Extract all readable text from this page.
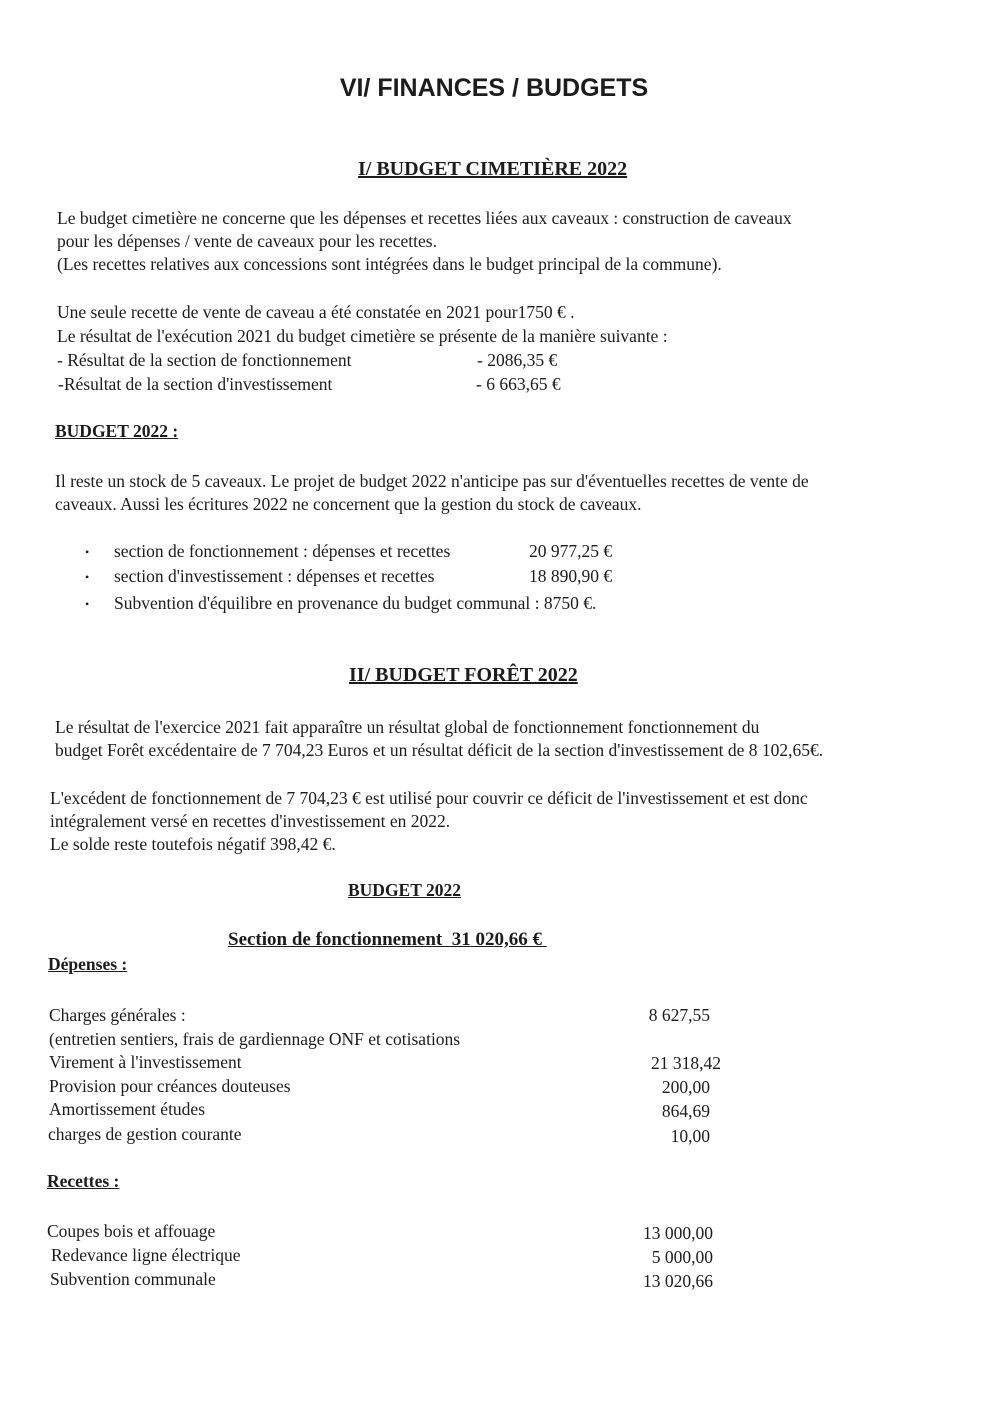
VI/ FINANCES / BUDGETS
I/ BUDGET CIMETIÈRE 2022
Le budget cimetière ne concerne que les dépenses et recettes liées aux caveaux : construction de caveaux
pour les dépenses / vente de caveaux pour les recettes.
(Les recettes relatives aux concessions sont intégrées dans le budget principal de la commune).
Une seule recette de vente de caveau a été constatée en 2021 pour1750 € .
Le résultat de l'exécution 2021 du budget cimetière se présente de la manière suivante :
- Résultat de la section de fonctionnement	- 2086,35 €
-Résultat de la section d'investissement	- 6 663,65 €
BUDGET 2022 :
Il reste un stock de 5 caveaux. Le projet de budget 2022 n'anticipe pas sur d'éventuelles recettes de vente de
caveaux. Aussi les écritures 2022 ne concernent que la gestion du stock de caveaux.
• section de fonctionnement : dépenses et recettes	20 977,25 €
• section d'investissement : dépenses et recettes	18 890,90 €
• Subvention d'équilibre en provenance du budget communal : 8750 €.
II/ BUDGET FORÊT 2022
Le résultat de l'exercice 2021 fait apparaître un résultat global de fonctionnement fonctionnement du
budget Forêt excédentaire de 7 704,23 Euros et un résultat déficit de la section d'investissement de 8 102,65€.
L'excédent de fonctionnement de 7 704,23 € est utilisé pour couvrir ce déficit de l'investissement et est donc
intégralement versé en recettes d'investissement en 2022.
Le solde reste toutefois négatif 398,42 €.
BUDGET 2022
Section de fonctionnement  31 020,66 €
Dépenses :
Charges générales :	8 627,55
(entretien sentiers, frais de gardiennage ONF et cotisations
Virement à l'investissement	21 318,42
Provision pour créances douteuses	200,00
Amortissement études	864,69
charges de gestion courante	10,00
Recettes :
Coupes bois et affouage	13 000,00
Redevance ligne électrique	5 000,00
Subvention communale	13 020,66
